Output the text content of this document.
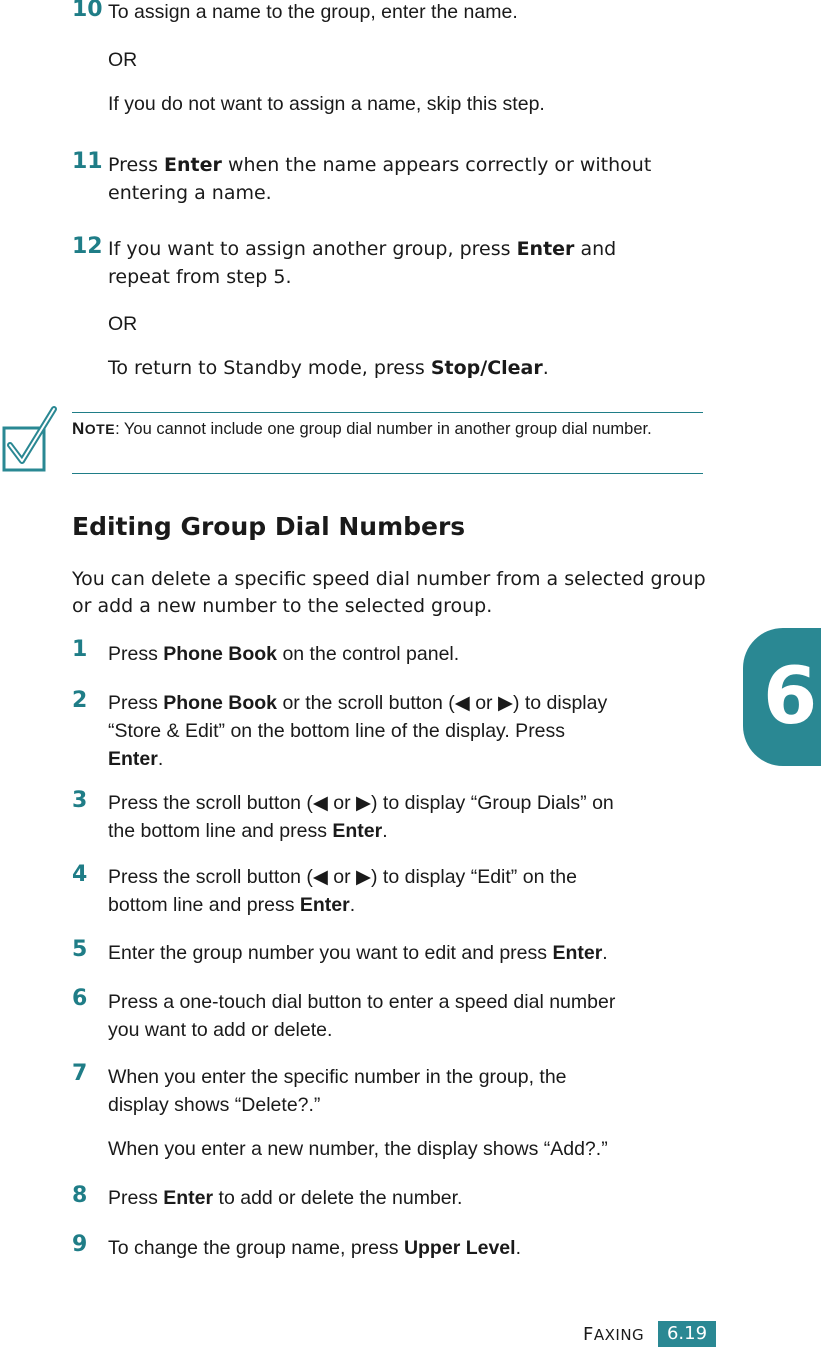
10 To assign a name to the group, enter the name.
OR
If you do not want to assign a name, skip this step.
11 Press Enter when the name appears correctly or without
entering a name.
12 If you want to assign another group, press Enter and
repeat from step 5.
OR
To return to Standby mode, press Stop/Clear.
NOTE: You cannot include one group dial number in another group dial number.
Editing Group Dial Numbers
You can delete a specific speed dial number from a selected group or add a new number to the selected group.
1 Press Phone Book on the control panel.
2 Press Phone Book or the scroll button (◀ or ▶) to display
“Store & Edit” on the bottom line of the display. Press
Enter.
3 Press the scroll button (◀ or ▶) to display “Group Dials” on
the bottom line and press Enter.
4 Press the scroll button (◀ or ▶) to display “Edit” on the
bottom line and press Enter.
5 Enter the group number you want to edit and press Enter.
6 Press a one-touch dial button to enter a speed dial number
you want to add or delete.
7 When you enter the specific number in the group, the
display shows “Delete?.”
When you enter a new number, the display shows “Add?.”
8 Press Enter to add or delete the number.
9 To change the group name, press Upper Level.
6
FAXING	6.19
